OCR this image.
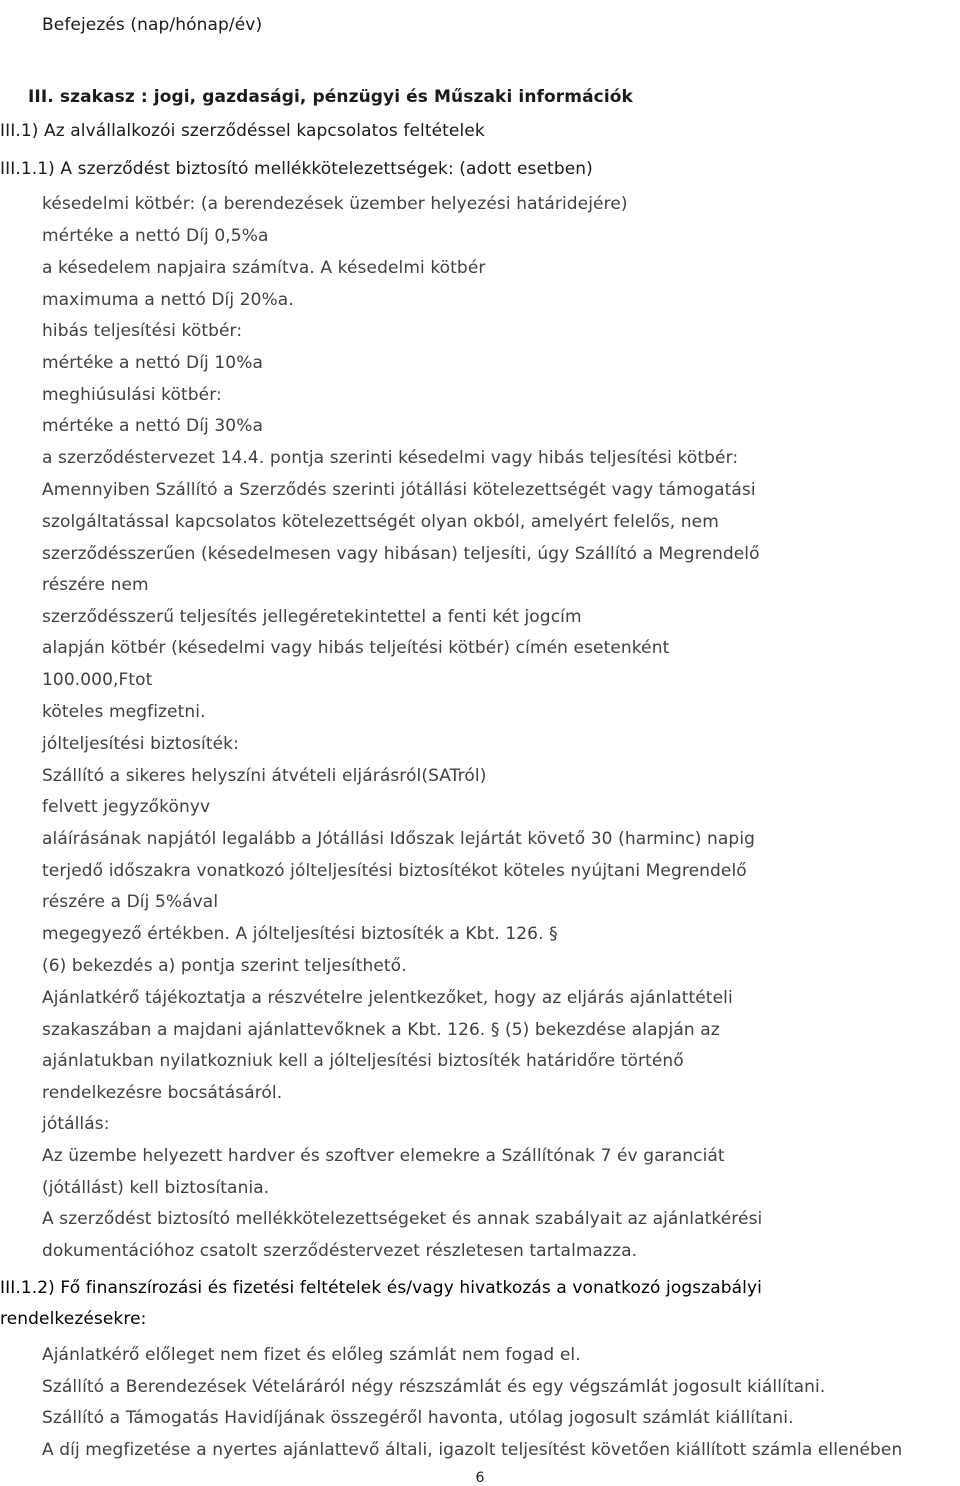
Befejezés (nap/hónap/év)
III. szakasz : jogi, gazdasági, pénzügyi és Műszaki információk
III.1) Az alvállalkozói szerződéssel kapcsolatos feltételek
III.1.1) A szerződést biztosító mellékkötelezettségek: (adott esetben)
késedelmi kötbér: (a berendezések üzember helyezési határidejére)
mértéke a nettó Díj 0,5%a
a késedelem napjaira számítva. A késedelmi kötbér
maximuma a nettó Díj 20%a.
hibás teljesítési kötbér:
mértéke a nettó Díj 10%a
meghiúsulási kötbér:
mértéke a nettó Díj 30%a
a szerződéstervezet 14.4. pontja szerinti késedelmi vagy hibás teljesítési kötbér:
Amennyiben Szállító a Szerződés szerinti jótállási kötelezettségét vagy támogatási
szolgáltatással kapcsolatos kötelezettségét olyan okból, amelyért felelős, nem
szerződésszerűen (késedelmesen vagy hibásan) teljesíti, úgy Szállító a Megrendelő
részére nem
szerződésszerű teljesítés jellegéretekintettel a fenti két jogcím
alapján kötbér (késedelmi vagy hibás teljeítési kötbér) címén esetenként
100.000,Ftot
köteles megfizetni.
jólteljesítési biztosíték:
Szállító a sikeres helyszíni átvételi eljárásról(SATról)
felvett jegyzőkönyv
aláírásának napjától legalább a Jótállási Időszak lejártát követő 30 (harminc) napig
terjedő időszakra vonatkozó jólteljesítési biztosítékot köteles nyújtani Megrendelő
részére a Díj 5%ával
megegyező értékben. A jólteljesítési biztosíték a Kbt. 126. §
(6) bekezdés a) pontja szerint teljesíthető.
Ajánlatkérő tájékoztatja a részvételre jelentkezőket, hogy az eljárás ajánlattételi
szakaszában a majdani ajánlattevőknek a Kbt. 126. § (5) bekezdése alapján az
ajánlatukban nyilatkozniuk kell a jólteljesítési biztosíték határidőre történő
rendelkezésre bocsátásáról.
jótállás:
Az üzembe helyezett hardver és szoftver elemekre a Szállítónak 7 év garanciát
(jótállást) kell biztosítania.
A szerződést biztosító mellékkötelezettségeket és annak szabályait az ajánlatkérési
dokumentációhoz csatolt szerződéstervezet részletesen tartalmazza.
III.1.2) Fő finanszírozási és fizetési feltételek és/vagy hivatkozás a vonatkozó jogszabályi
rendelkezésekre:
Ajánlatkérő előleget nem fizet és előleg számlát nem fogad el.
Szállító a Berendezések Vételáráról négy részszámlát és egy végszámlát jogosult kiállítani.
Szállító a Támogatás Havidíjának összegéről havonta, utólag jogosult számlát kiállítani.
A díj megfizetése a nyertes ajánlattevő általi, igazolt teljesítést követően kiállított számla ellenében
6
